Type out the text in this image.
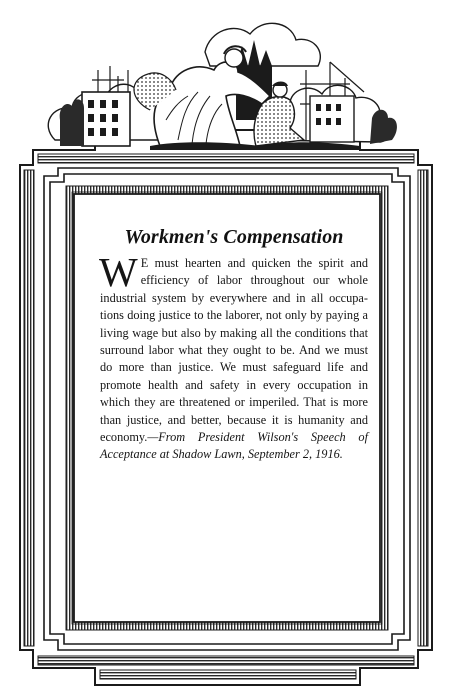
Workmen's Compensation

W E must hearten and quicken the spirit and efficiency of labor throughout our whole industrial system by everywhere and in all occupations doing justice to the laborer, not only by paying a living wage but also by making all the conditions that surround labor what they ought to be. And we must do more than justice. We must safeguard life and promote health and safety in every occupation in which they are threatened or imperiled. That is more than justice, and better, because it is humanity and economy.—From President Wilson's Speech of Acceptance at Shadow Lawn, September 2, 1916.
